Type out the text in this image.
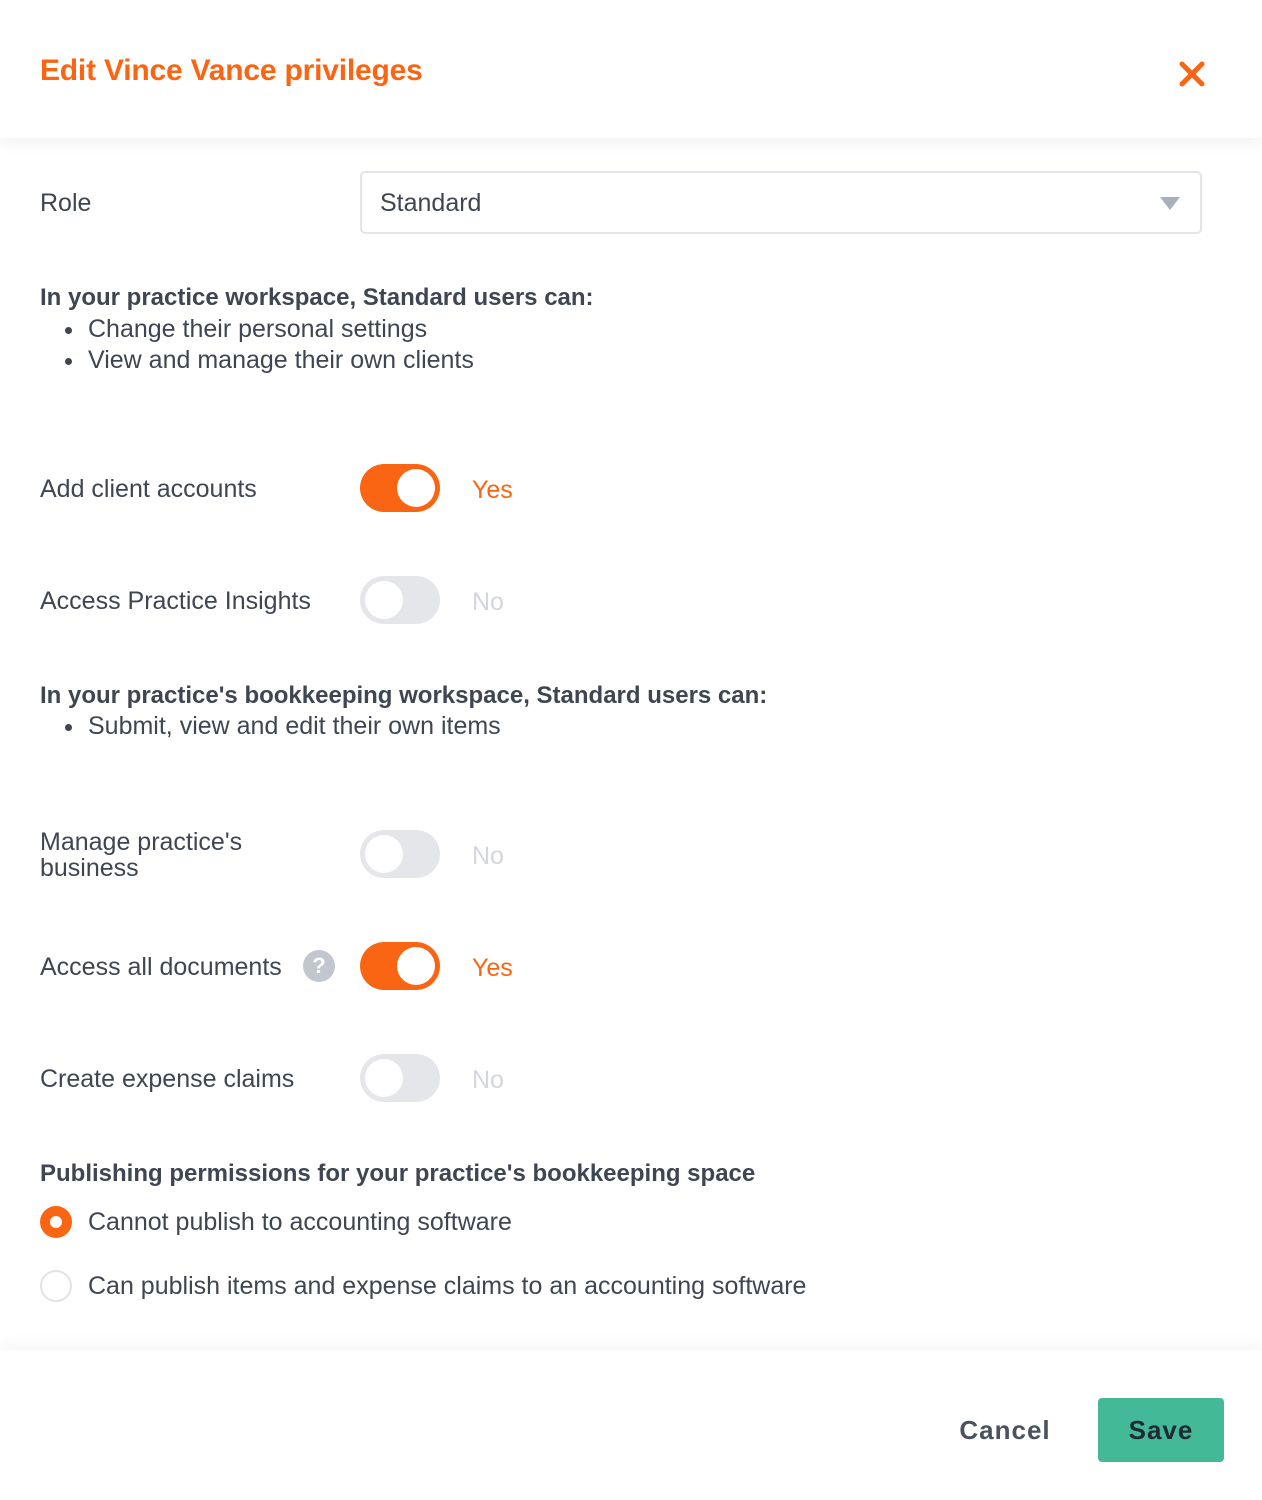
Edit Vince Vance privileges
Role	Standard
In your practice workspace, Standard users can:
Change their personal settings
View and manage their own clients
Add client accounts	Yes
Access Practice Insights	No
In your practice's bookkeeping workspace, Standard users can:
Submit, view and edit their own items
Manage practice's business	No
Access all documents	?	Yes
Create expense claims	No
Publishing permissions for your practice's bookkeeping space
Cannot publish to accounting software
Can publish items and expense claims to an accounting software
Cancel	Save
